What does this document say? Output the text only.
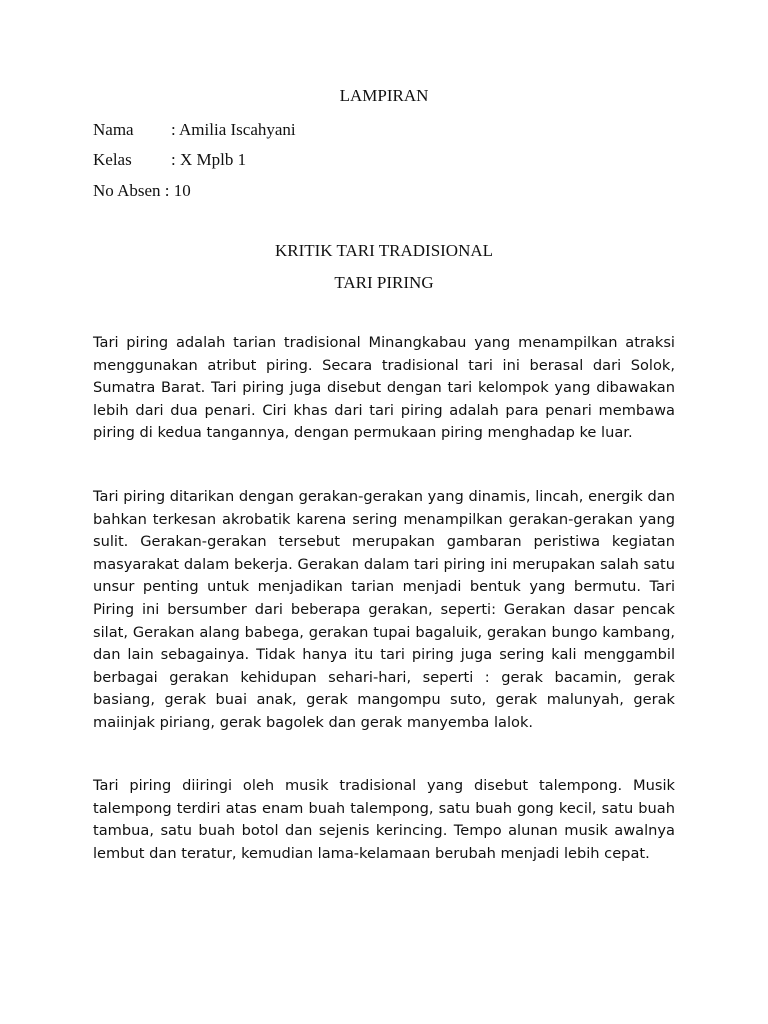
LAMPIRAN
Nama : Amilia Iscahyani
Kelas : X Mplb 1
No Absen : 10
KRITIK TARI TRADISIONAL
TARI PIRING

Tari piring adalah tarian tradisional Minangkabau yang menampilkan atraksi menggunakan atribut piring. Secara tradisional tari ini berasal dari Solok, Sumatra Barat. Tari piring juga disebut dengan tari kelompok yang dibawakan lebih dari dua penari. Ciri khas dari tari piring adalah para penari membawa piring di kedua tangannya, dengan permukaan piring menghadap ke luar.

Tari piring ditarikan dengan gerakan-gerakan yang dinamis, lincah, energik dan bahkan terkesan akrobatik karena sering menampilkan gerakan-gerakan yang sulit. Gerakan-gerakan tersebut merupakan gambaran peristiwa kegiatan masyarakat dalam bekerja. Gerakan dalam tari piring ini merupakan salah satu unsur penting untuk menjadikan tarian menjadi bentuk yang bermutu. Tari Piring ini bersumber dari beberapa gerakan, seperti: Gerakan dasar pencak silat, Gerakan alang babega, gerakan tupai bagaluik, gerakan bungo kambang, dan lain sebagainya. Tidak hanya itu tari piring juga sering kali menggambil berbagai gerakan kehidupan sehari-hari, seperti : gerak bacamin, gerak basiang, gerak buai anak, gerak mangompu suto, gerak malunyah, gerak maiinjak piriang, gerak bagolek dan gerak manyemba lalok.

Tari piring diiringi oleh musik tradisional yang disebut talempong. Musik talempong terdiri atas enam buah talempong, satu buah gong kecil, satu buah tambua, satu buah botol dan sejenis kerincing. Tempo alunan musik awalnya lembut dan teratur, kemudian lama-kelamaan berubah menjadi lebih cepat.
